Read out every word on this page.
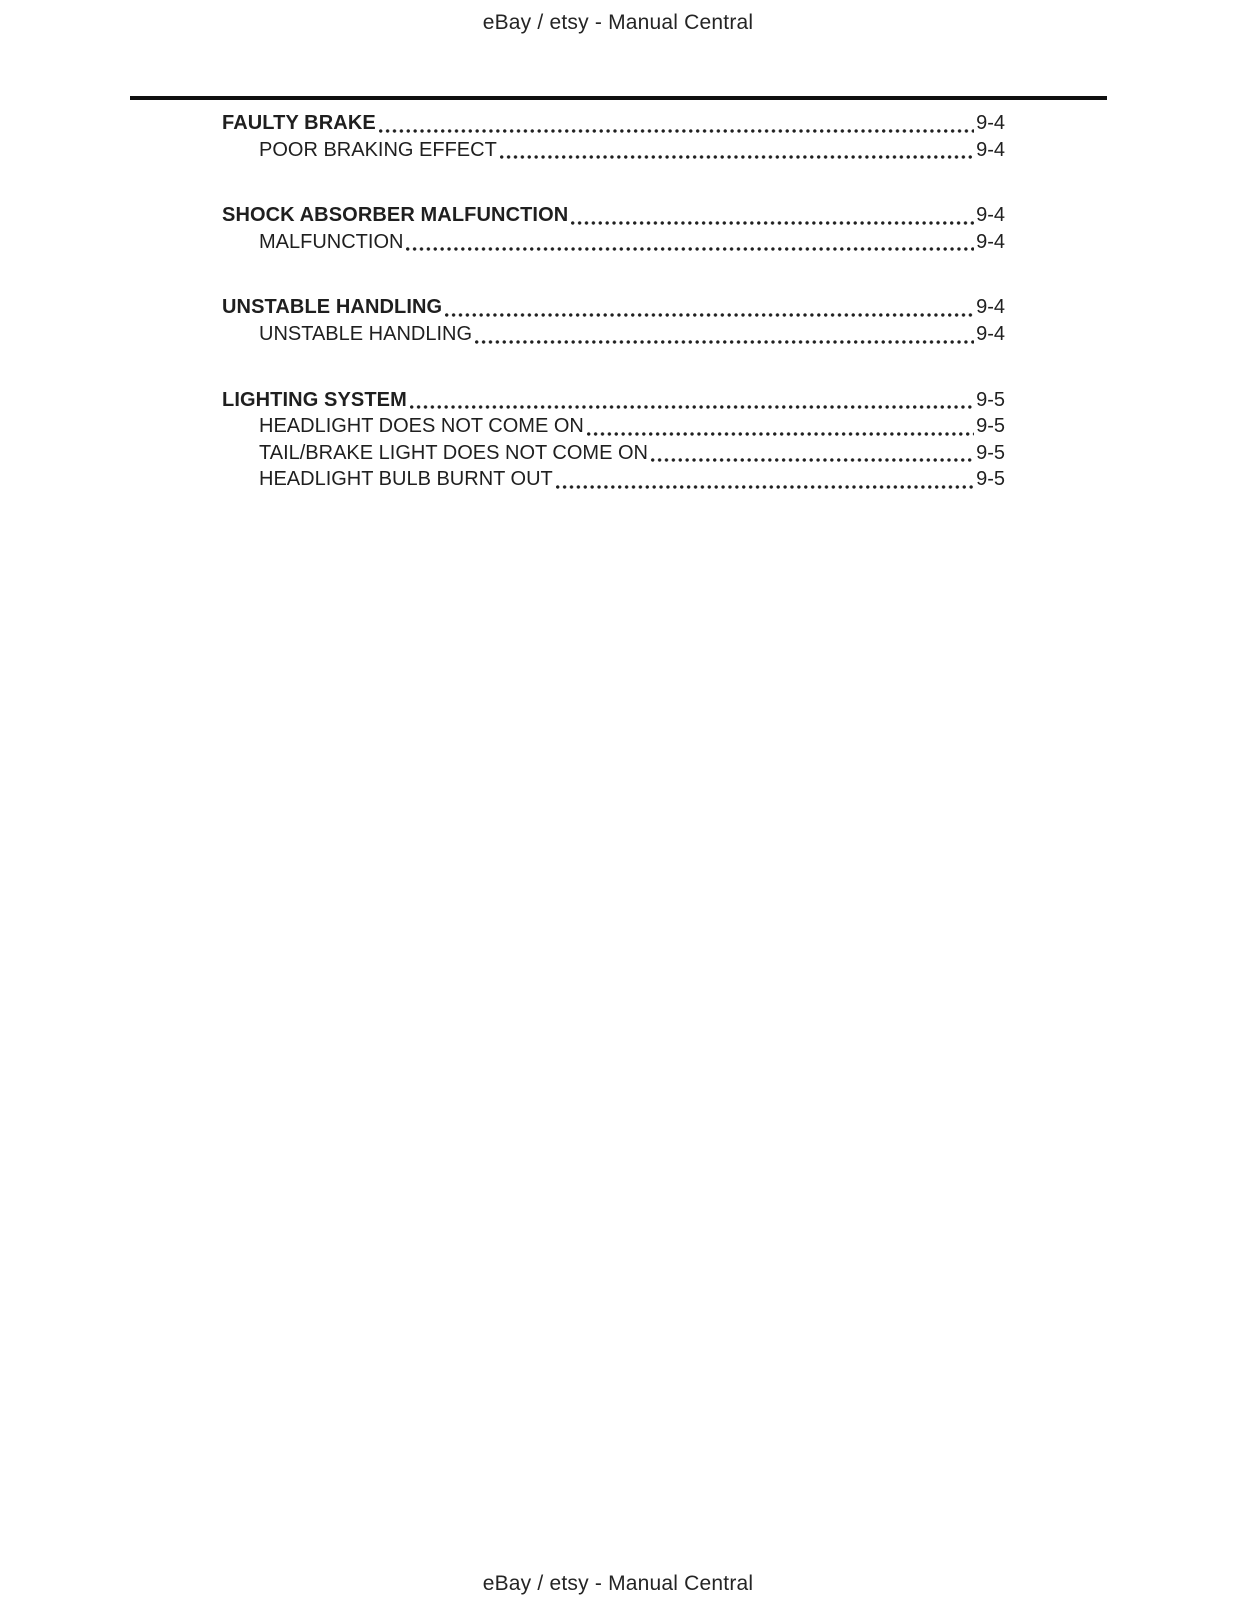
eBay / etsy - Manual Central
FAULTY BRAKE	9-4
POOR BRAKING EFFECT	9-4
SHOCK ABSORBER MALFUNCTION	9-4
MALFUNCTION	9-4
UNSTABLE HANDLING	9-4
UNSTABLE HANDLING	9-4
LIGHTING SYSTEM	9-5
HEADLIGHT DOES NOT COME ON	9-5
TAIL/BRAKE LIGHT DOES NOT COME ON	9-5
HEADLIGHT BULB BURNT OUT	9-5
eBay / etsy - Manual Central
